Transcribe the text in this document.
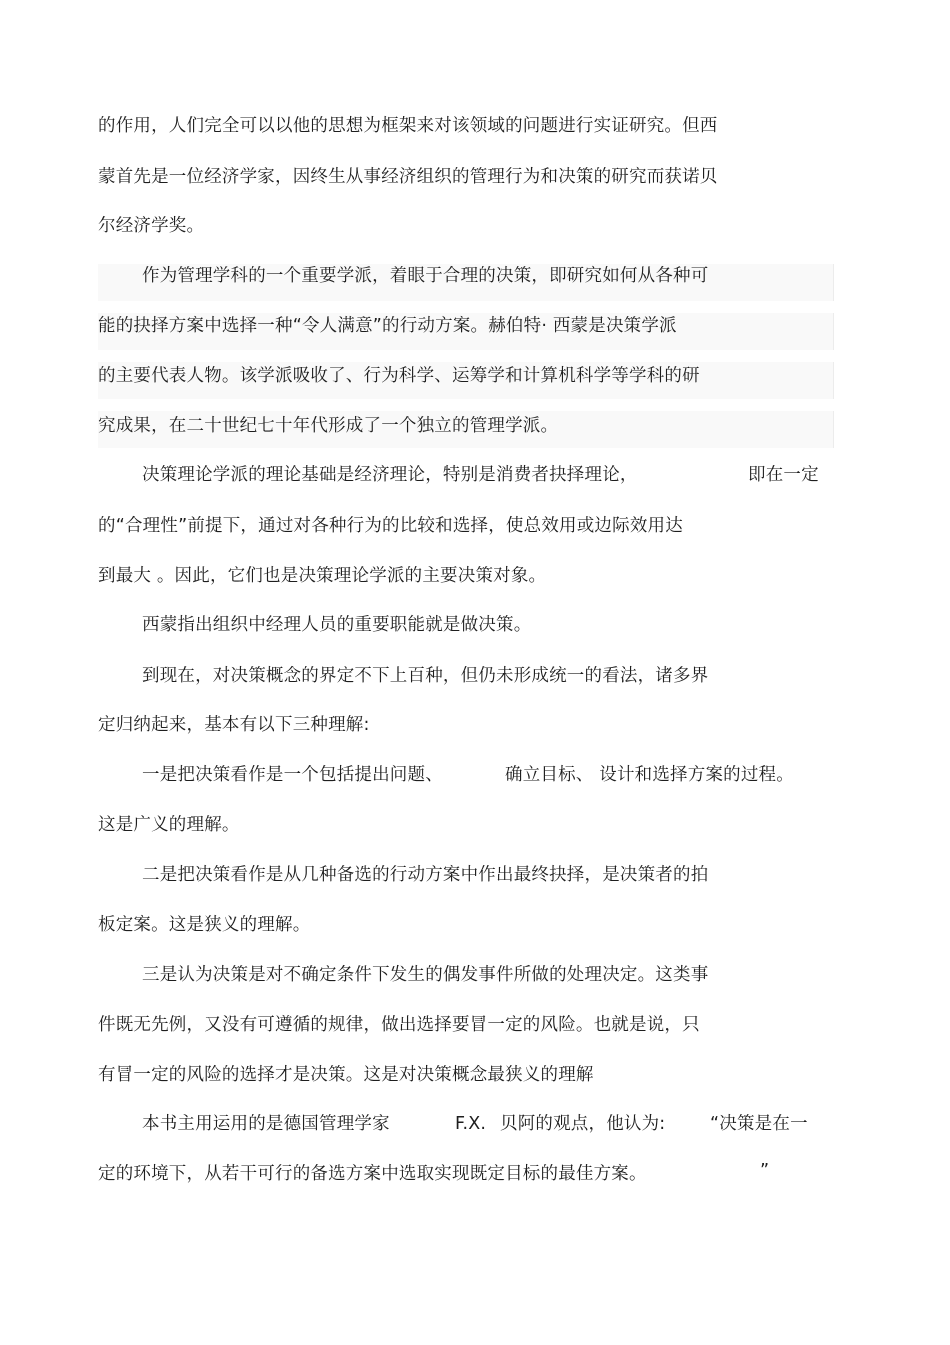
的作用，人们完全可以以他的思想为框架来对该领域的问题进行实证研究。但西
蒙首先是一位经济学家，因终生从事经济组织的管理行为和决策的研究而获诺贝
尔经济学奖。
作为管理学科的一个重要学派，着眼于合理的决策，即研究如何从各种可
能的抉择方案中选择一种“令人满意”的行动方案。赫伯特· 西蒙是决策学派
的主要代表人物。该学派吸收了、行为科学、运筹学和计算机科学等学科的研
究成果，在二十世纪七十年代形成了一个独立的管理学派。
决策理论学派的理论基础是经济理论，特别是消费者抉择理论，	即在一定
的“合理性”前提下，通过对各种行为的比较和选择，使总效用或边际效用达
到最大 。因此，它们也是决策理论学派的主要决策对象。
西蒙指出组织中经理人员的重要职能就是做决策。
到现在，对决策概念的界定不下上百种，但仍未形成统一的看法，诸多界
定归纳起来，基本有以下三种理解:
一是把决策看作是一个包括提出问题、	确立目标、 设计和选择方案的过程。
这是广义的理解。
二是把决策看作是从几种备选的行动方案中作出最终抉择，是决策者的拍
板定案。这是狭义的理解。
三是认为决策是对不确定条件下发生的偶发事件所做的处理决定。这类事
件既无先例，又没有可遵循的规律，做出选择要冒一定的风险。也就是说，只
有冒一定的风险的选择才是决策。这是对决策概念最狭义的理解
本书主用运用的是德国管理学家	F.X. 贝阿的观点，他认为:	“决策是在一
定的环境下，从若干可行的备选方案中选取实现既定目标的最佳方案。	”
